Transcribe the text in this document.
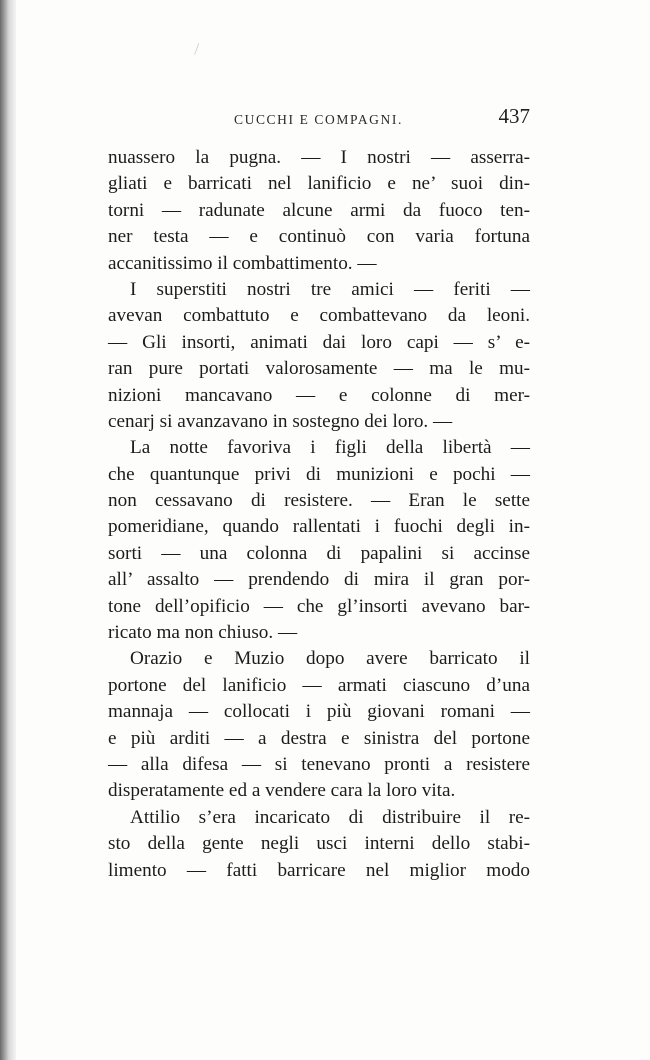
CUCCHI E COMPAGNI.	437
nuassero la pugna. — I nostri — asserra-
gliati e barricati nel lanificio e ne’ suoi din-
torni — radunate alcune armi da fuoco ten-
ner testa — e continuò con varia fortuna
accanitissimo il combattimento. —
I superstiti nostri tre amici — feriti —
avevan combattuto e combattevano da leoni.
— Gli insorti, animati dai loro capi — s’ e-
ran pure portati valorosamente — ma le mu-
nizioni mancavano — e colonne di mer-
cenarj si avanzavano in sostegno dei loro. —
La notte favoriva i figli della libertà —
che quantunque privi di munizioni e pochi —
non cessavano di resistere. — Eran le sette
pomeridiane, quando rallentati i fuochi degli in-
sorti — una colonna di papalini si accinse
all’ assalto — prendendo di mira il gran por-
tone dell’opificio — che gl’insorti avevano bar-
ricato ma non chiuso. —
Orazio e Muzio dopo avere barricato il
portone del lanificio — armati ciascuno d’una
mannaja — collocati i più giovani romani —
e più arditi — a destra e sinistra del portone
— alla difesa — si tenevano pronti a resistere
disperatamente ed a vendere cara la loro vita.
Attilio s’era incaricato di distribuire il re-
sto della gente negli usci interni dello stabi-
limento — fatti barricare nel miglior modo
